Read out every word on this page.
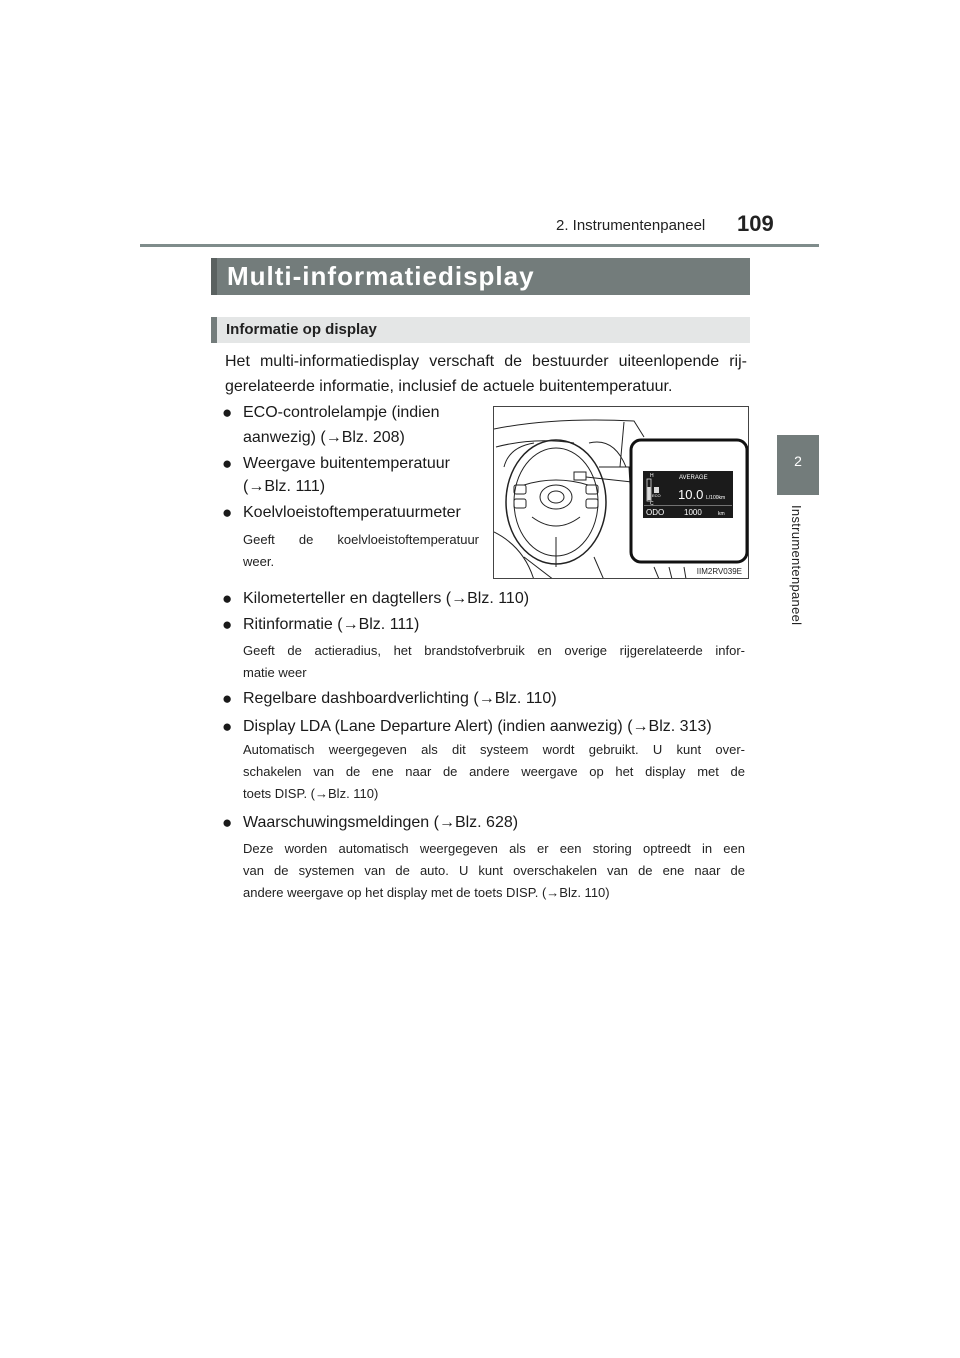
2. Instrumentenpaneel 109
2
Instrumentenpaneel
Multi-informatiedisplay
Informatie op display
Het multi-informatiedisplay verschaft de bestuurder uiteenlopende rij-gerelateerde informatie, inclusief de actuele buitentemperatuur.
● ECO-controlelampje (indien
aanwezig) (→Blz. 208)
● Weergave buitentemperatuur
(→Blz. 111)
● Koelvloeistoftemperatuurmeter
Geeft de koelvloeistoftemperatuur
weer.
H
C
ECO
AVERAGE
10.0 L/100km
ODO 1000	km
IIM2RV039E
● Kilometerteller en dagtellers (→Blz. 110)
● Ritinformatie (→Blz. 111)
Geeft de actieradius, het brandstofverbruik en overige rijgerelateerde infor-
matie weer
● Regelbare dashboardverlichting (→Blz. 110)
● Display LDA (Lane Departure Alert) (indien aanwezig) (→Blz. 313)
Automatisch weergegeven als dit systeem wordt gebruikt. U kunt over-
schakelen van de ene naar de andere weergave op het display met de
toets DISP. (→Blz. 110)
● Waarschuwingsmeldingen (→Blz. 628)
Deze worden automatisch weergegeven als er een storing optreedt in een
van de systemen van de auto. U kunt overschakelen van de ene naar de
andere weergave op het display met de toets DISP. (→Blz. 110)
